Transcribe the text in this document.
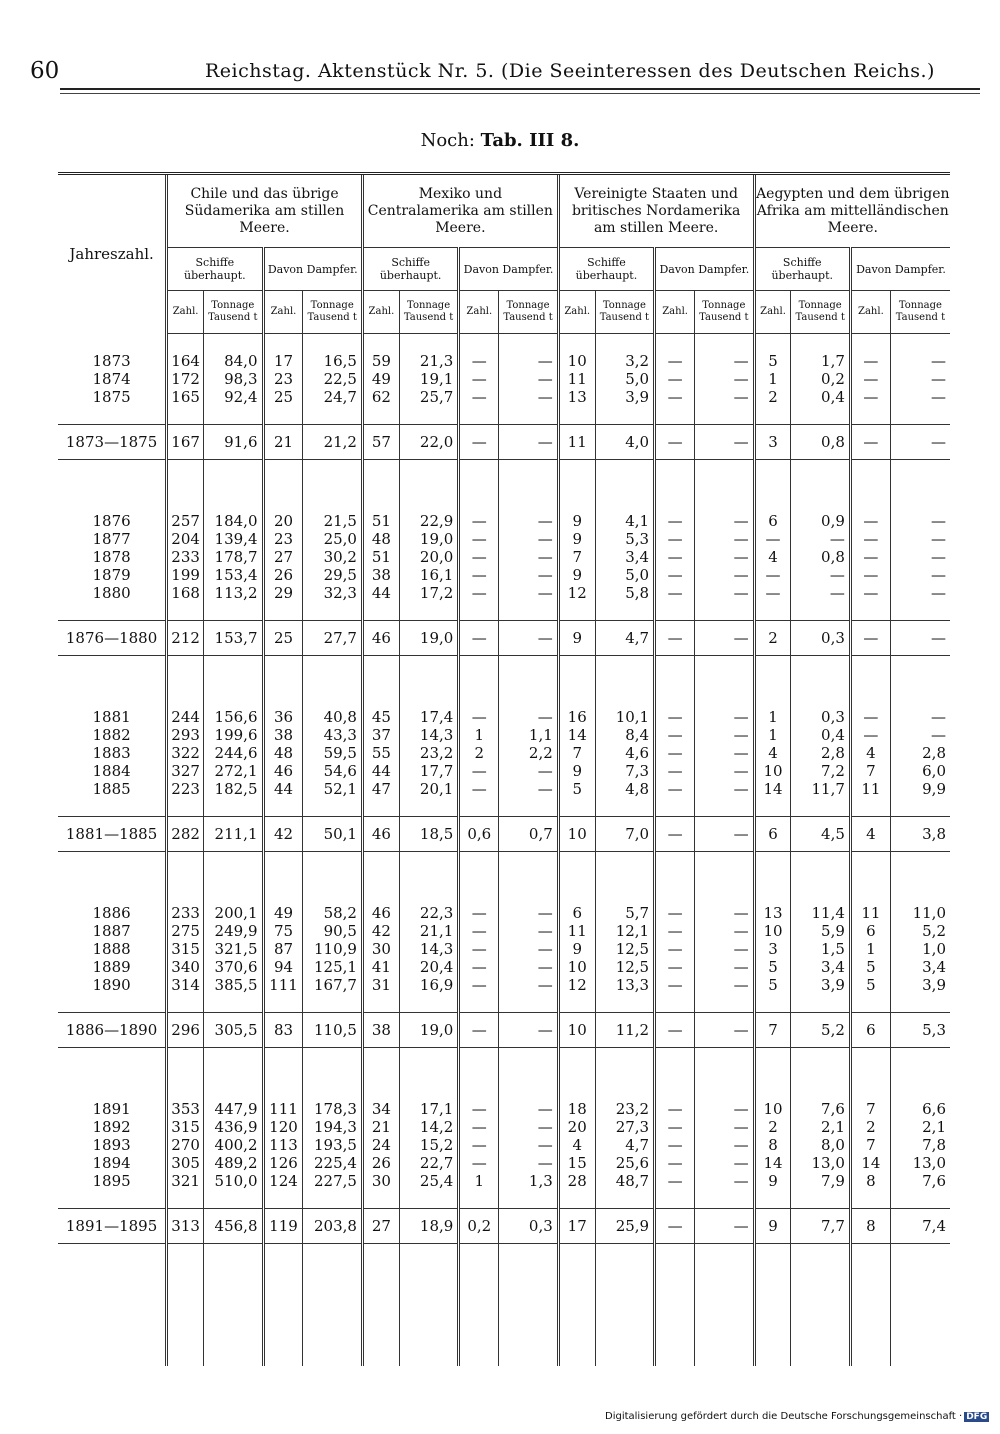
60	Reichstag. Aktenstück Nr. 5. (Die Seeinteressen des Deutschen Reichs.)
Noch: Tab. III 8.
Jahreszahl.	Chile und das übrige Südamerika am stillen Meere.				Mexiko und Centralamerika am stillen Meere.				Vereinigte Staaten und britisches Nordamerika am stillen Meere.				Aegypten und dem übrigen Afrika am mittelländischen Meere.			
	Schiffe überhaupt.		Davon Dampfer.		Schiffe überhaupt.		Davon Dampfer.		Schiffe überhaupt.		Davon Dampfer.		Schiffe überhaupt.		Davon Dampfer.	
	Zahl.	Tonnage Tausend t	Zahl.	Tonnage Tausend t	Zahl.	Tonnage Tausend t	Zahl.	Tonnage Tausend t	Zahl.	Tonnage Tausend t	Zahl.	Tonnage Tausend t	Zahl.	Tonnage Tausend t	Zahl.	Tonnage Tausend t

1873	164	84,0	17	16,5	59	21,3	—	—	10	3,2	—	—	5	1,7	—	—
1874	172	98,3	23	22,5	49	19,1	—	—	11	5,0	—	—	1	0,2	—	—
1875	165	92,4	25	24,7	62	25,7	—	—	13	3,9	—	—	2	0,4	—	—

1873—1875	167	91,6	21	21,2	57	22,0	—	—	11	4,0	—	—	3	0,8	—	—

1876	257	184,0	20	21,5	51	22,9	—	—	9	4,1	—	—	6	0,9	—	—
1877	204	139,4	23	25,0	48	19,0	—	—	9	5,3	—	—	—	—	—	—
1878	233	178,7	27	30,2	51	20,0	—	—	7	3,4	—	—	4	0,8	—	—
1879	199	153,4	26	29,5	38	16,1	—	—	9	5,0	—	—	—	—	—	—
1880	168	113,2	29	32,3	44	17,2	—	—	12	5,8	—	—	—	—	—	—

1876—1880	212	153,7	25	27,7	46	19,0	—	—	9	4,7	—	—	2	0,3	—	—

1881	244	156,6	36	40,8	45	17,4	—	—	16	10,1	—	—	1	0,3	—	—
1882	293	199,6	38	43,3	37	14,3	1	1,1	14	8,4	—	—	1	0,4	—	—
1883	322	244,6	48	59,5	55	23,2	2	2,2	7	4,6	—	—	4	2,8	4	2,8
1884	327	272,1	46	54,6	44	17,7	—	—	9	7,3	—	—	10	7,2	7	6,0
1885	223	182,5	44	52,1	47	20,1	—	—	5	4,8	—	—	14	11,7	11	9,9

1881—1885	282	211,1	42	50,1	46	18,5	0,6	0,7	10	7,0	—	—	6	4,5	4	3,8

1886	233	200,1	49	58,2	46	22,3	—	—	6	5,7	—	—	13	11,4	11	11,0
1887	275	249,9	75	90,5	42	21,1	—	—	11	12,1	—	—	10	5,9	6	5,2
1888	315	321,5	87	110,9	30	14,3	—	—	9	12,5	—	—	3	1,5	1	1,0
1889	340	370,6	94	125,1	41	20,4	—	—	10	12,5	—	—	5	3,4	5	3,4
1890	314	385,5	111	167,7	31	16,9	—	—	12	13,3	—	—	5	3,9	5	3,9

1886—1890	296	305,5	83	110,5	38	19,0	—	—	10	11,2	—	—	7	5,2	6	5,3

1891	353	447,9	111	178,3	34	17,1	—	—	18	23,2	—	—	10	7,6	7	6,6
1892	315	436,9	120	194,3	21	14,2	—	—	20	27,3	—	—	2	2,1	2	2,1
1893	270	400,2	113	193,5	24	15,2	—	—	4	4,7	—	—	8	8,0	7	7,8
1894	305	489,2	126	225,4	26	22,7	—	—	15	25,6	—	—	14	13,0	14	13,0
1895	321	510,0	124	227,5	30	25,4	1	1,3	28	48,7	—	—	9	7,9	8	7,6

1891—1895	313	456,8	119	203,8	27	18,9	0,2	0,3	17	25,9	—	—	9	7,7	8	7,4

Digitalisierung gefördert durch die Deutsche Forschungsgemeinschaft · DFG
